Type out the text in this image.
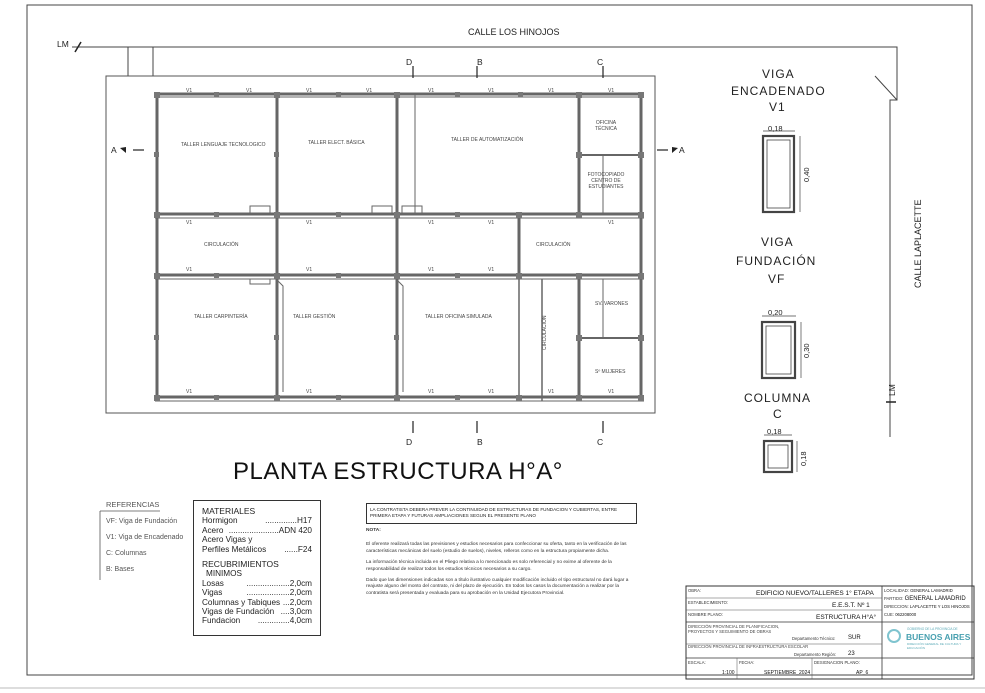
CALLE LOS HINOJOS
CALLE LAPLACETTE
LM
LM
D	B	C
D	B	C
A	A
TALLER LENGUAJE TECNOLOGICO	TALLER ELECT. BÁSICA	TALLER DE AUTOMATIZACIÓN
OFICINA TÉCNICA
FOTOCOPIADO CENTRO DE ESTUDIANTES
CIRCULACIÓN	CIRCULACIÓN
CIRCULACIÓN
TALLER CARPINTERÍA	TALLER GESTIÓN	TALLER OFICINA SIMULADA
SV. VARONES
Sº MUJERES
V1	V1	V1	V1	V1	V1	V1	V1
V1	V1	V1	V1	V1
V1	V1	V1	V1
V1	V1	V1	V1	V1	V1
PLANTA ESTRUCTURA H°A°
VIGA
ENCADENADO
V1
0,18
0,40
VIGA
FUNDACIÓN
VF
0,20
0,30
COLUMNA
C
0,18
0,18
REFERENCIAS
VF: Viga de Fundación
V1: Viga de Encadenado
C: Columnas
B: Bases
MATERIALES
Hormigon	.............. H17
Acero ...................... ADN 420
Acero Vigas y
Perfiles Metálicos	...... F24
RECUBRIMIENTOS
MINIMOS
Losas	................... 2,0cm
Vigas	................... 2,0cm
Columnas y Tabiques ... 2,0cm
Vigas de Fundación .... 3,0cm
Fundacion	.............. 4,0cm
LA CONTRATISTA DEBERA PREVER LA CONTINUIDAD DE ESTRUCTURAS DE FUNDACION Y CUBIERTAS, ENTRE PRIMERA ETAPA Y FUTURAS AMPLIACIONES SEGUN EL PRESENTE PLANO

NOTA:

El oferente realizará todas las previsiones y estudios necesarios para confeccionar su oferta, tanto en la verificación de las características mecánicas del suelo (estudio de suelos), niveles, relleros como en la estructura propiamente dicha.

La información técnica incluida en el Pliego relativa a lo mencionado es solo referencial y no exime al oferente de la responsabilidad de realizar todos los estudios técnicos necesarios a su cargo.

Dado que las dimensiones indicadas son a título ilustrativo cualquier modificación incluido el tipo estructural no dará lugar a reajuste alguno del monto del contrato, ni del plazo de ejecución. En todos los casos la documentación a realizar por la contratista será presentada y evaluada para su aprobación en la Unidad Ejecutora Provincial.

OBRA:	EDIFICIO NUEVO/TALLERES 1° ETAPA
ESTABLECIMIENTO:	E.E.S.T. Nº 1
NOMBRE PLANO:	ESTRUCTURA H°A°
DIRECCIÓN PROVINCIAL DE PLANIFICACION, PROYECTOS Y SEGUIMIENTO DE OBRAS
Departamento Técnico: SUR
DIRECCIÓN PROVINCIAL DE INFRAESTRUCTURA ESCOLAR
Departamento Región: 23
ESCALA:
1:100
FECHA:
SEPTIEMBRE_2024
DESIGNACION PLANO:
AP_6
LOCALIDAD: GENERAL LAMADRID
PARTIDO: GENERAL LAMADRID
DIRECCION: LAPLACETTE Y LOS HINOJOS
CUE: 062208000
GOBIERNO DE LA PROVINCIA DE
BUENOS AIRES
DIRECCIÓN GENERAL DE CULTURA Y EDUCACIÓN
